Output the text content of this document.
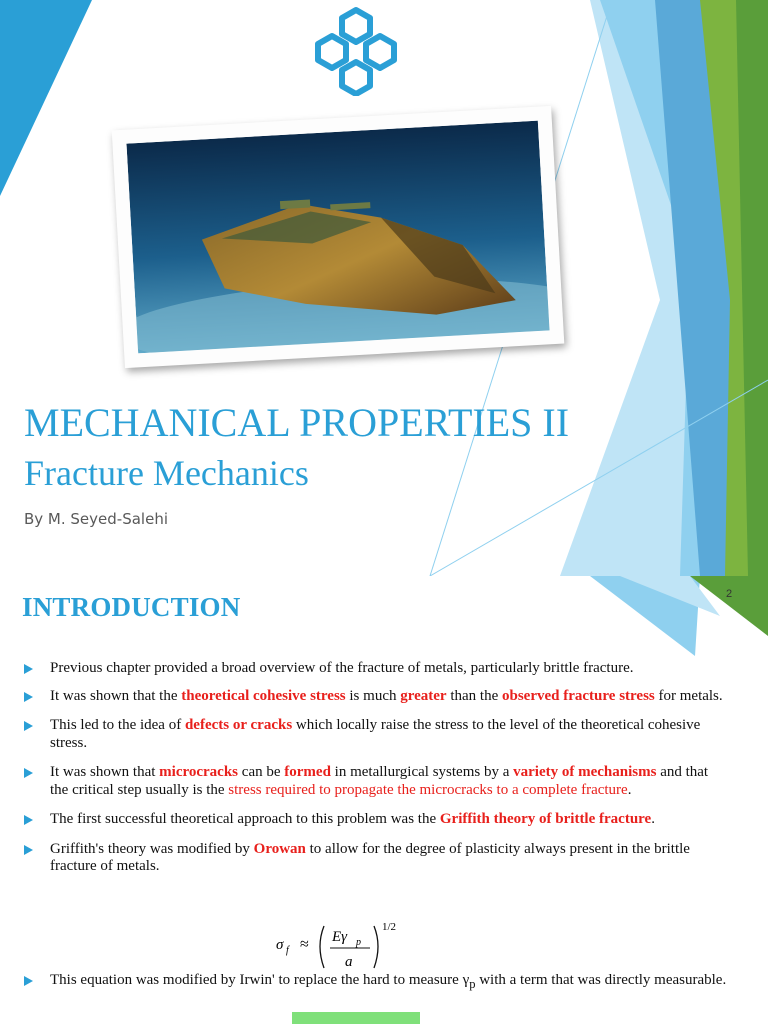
MECHANICAL PROPERTIES II
Fracture Mechanics

By M. Seyed-Salehi

2
INTRODUCTION
Previous chapter provided a broad overview of the fracture of metals, particularly brittle fracture.
It was shown that the theoretical cohesive stress is much greater than the observed fracture stress for metals.
This led to the idea of defects or cracks which locally raise the stress to the level of the theoretical cohesive stress.
It was shown that microcracks can be formed in metallurgical systems by a variety of mechanisms and that the critical step usually is the stress required to propagate the microcracks to a complete fracture.
The first successful theoretical approach to this problem was the Griffith theory of brittle fracture.
Griffith's theory was modified by Orowan to allow for the degree of plasticity always present in the brittle fracture of metals.
σ f ≈ Eγ p
a
1/2
This equation was modified by Irwin' to replace the hard to measure $\gamma_p$ with a term that was directly measurable.
